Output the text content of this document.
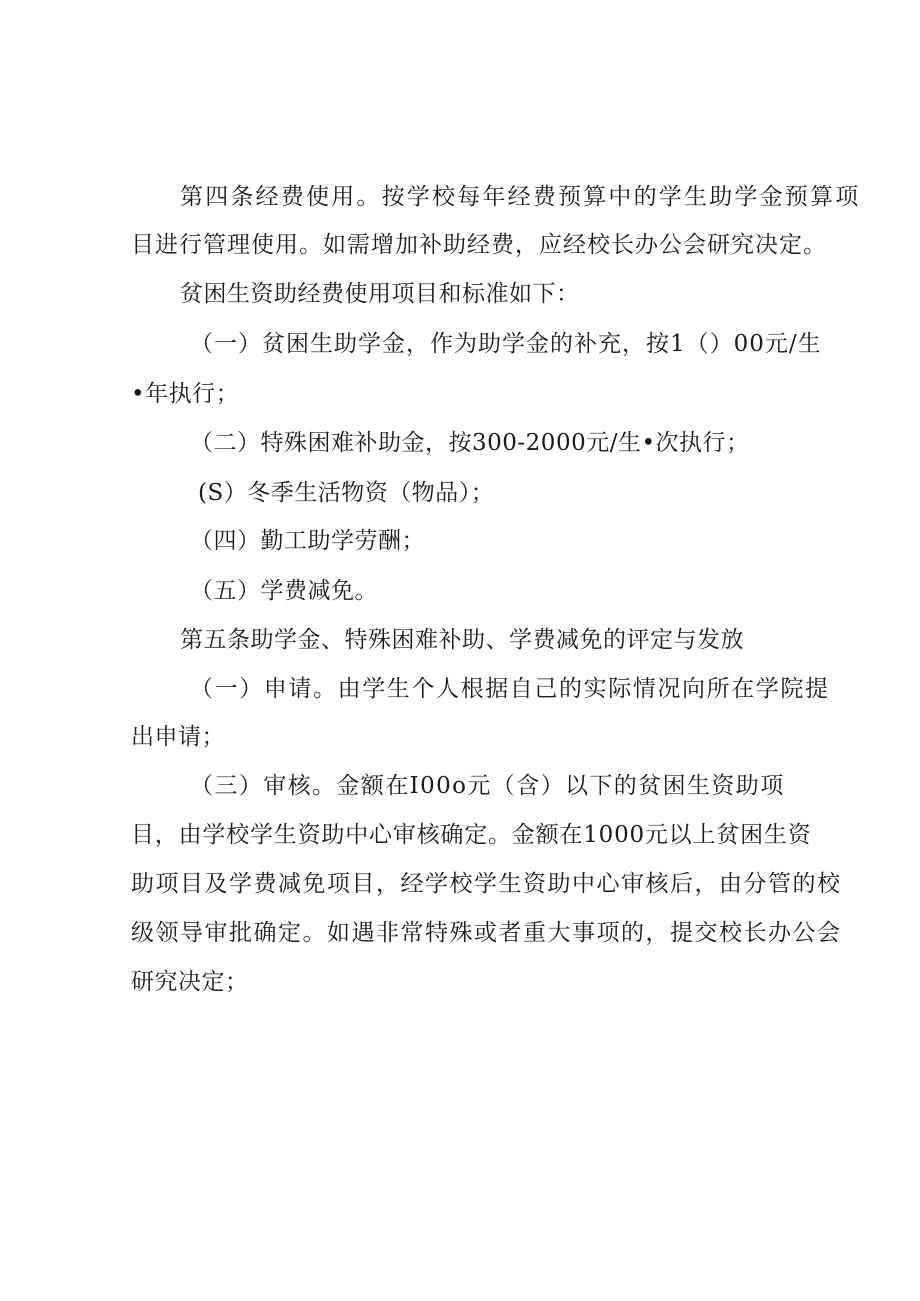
第四条经费使用。按学校每年经费预算中的学生助学金预算项

目进行管理使用。如需增加补助经费，应经校长办公会研究决定。

贫困生资助经费使用项目和标准如下：

（一）贫困生助学金，作为助学金的补充，按1（）00元/生

•年执行；

（二）特殊困难补助金，按300-2000元/生•次执行；

(S）冬季生活物资（物品）；

（四）勤工助学劳酬；

（五）学费减免。

第五条助学金、特殊困难补助、学费减免的评定与发放

（一）申请。由学生个人根据自己的实际情况向所在学院提

出申请；

（三）审核。金额在I00o元（含）以下的贫困生资助项

目，由学校学生资助中心审核确定。金额在1000元以上贫困生资

助项目及学费减免项目，经学校学生资助中心审核后，由分管的校

级领导审批确定。如遇非常特殊或者重大事项的，提交校长办公会

研究决定；
